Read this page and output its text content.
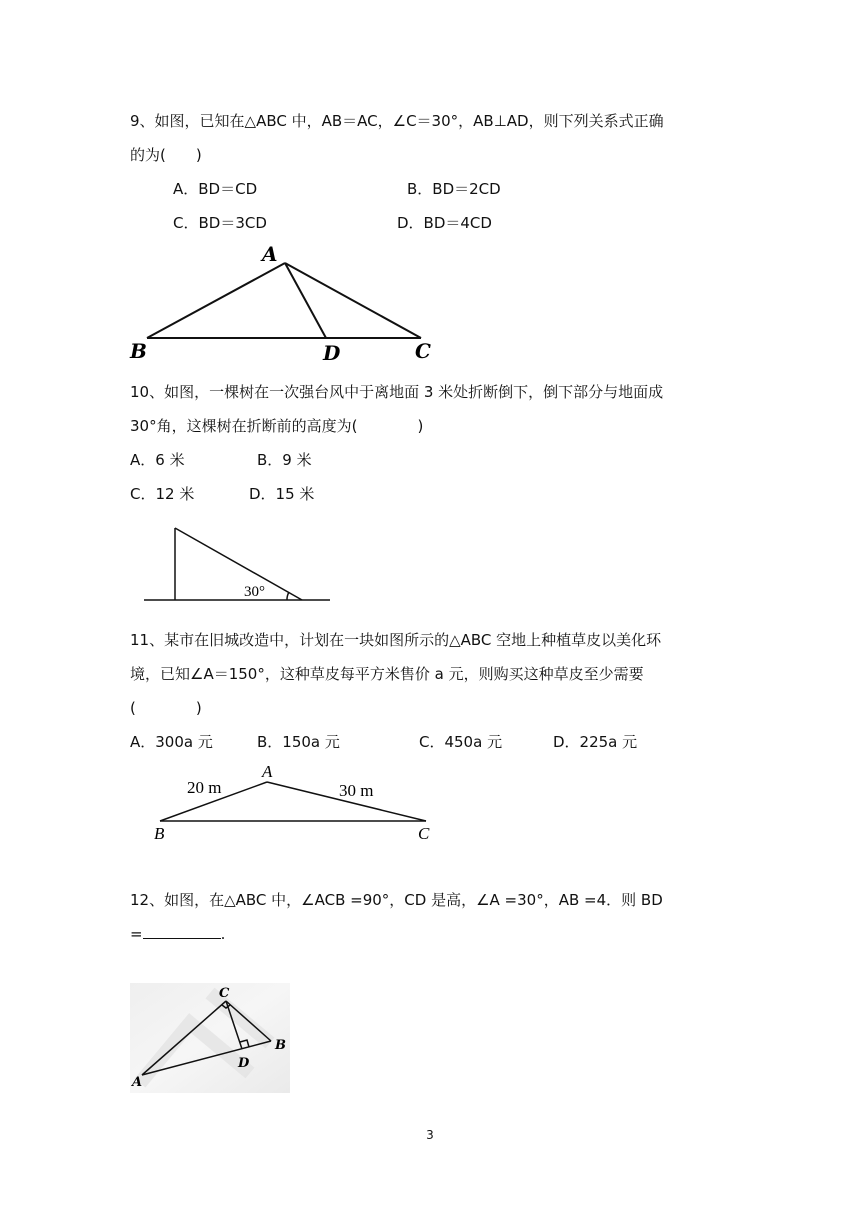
9、如图，已知在△ABC 中，AB＝AC，∠C＝30°，AB⊥AD，则下列关系式正确
的为(　　)
A．BD＝CD	B．BD＝2CD
C．BD＝3CD	D．BD＝4CD
A
B	D	C
10、如图，一棵树在一次强台风中于离地面 3 米处折断倒下，倒下部分与地面成
30°角，这棵树在折断前的高度为(　　　　)
A．6 米	B．9 米
C．12 米	D．15 米
30°
11、某市在旧城改造中，计划在一块如图所示的△ABC 空地上种植草皮以美化环
境，已知∠A＝150°，这种草皮每平方米售价 a 元，则购买这种草皮至少需要
(　　　　)
A．300a 元	B．150a 元	C．450a 元	D．225a 元
A
B	C
20 m	30 m
12、如图，在△ABC 中，∠ACB =90°，CD 是高，∠A =30°，AB =4．则 BD
=	.
C
B
D
A
3
